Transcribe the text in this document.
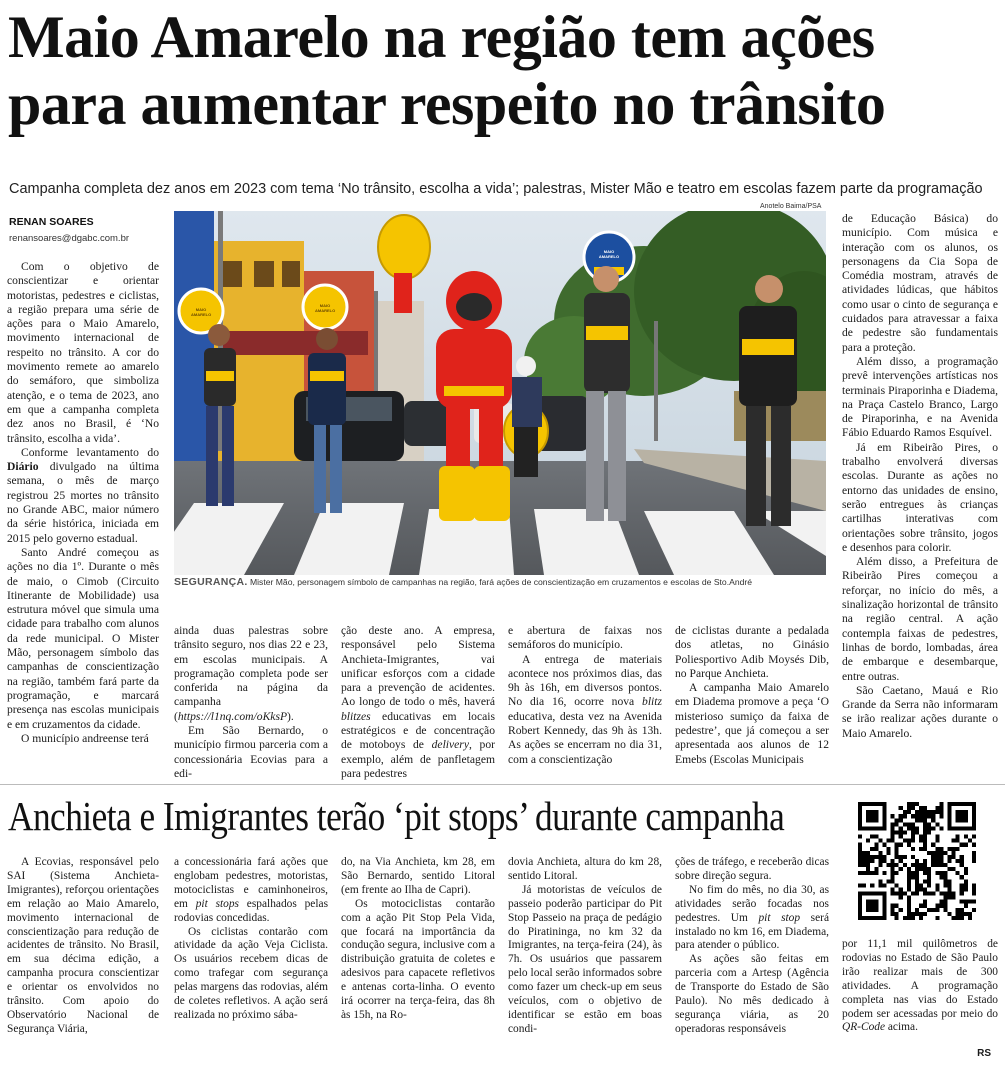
Maio Amarelo na região tem ações
para aumentar respeito no trânsito
Campanha completa dez anos em 2023 com tema ‘No trânsito, escolha a vida’; palestras, Mister Mão e teatro em escolas fazem parte da programação
RENAN SOARES
renansoares@dgabc.com.br

Com o objetivo de conscientizar e orientar motoristas, pedestres e ciclistas, a região prepara uma série de ações para o Maio Amarelo, movimento internacional de respeito no trânsito. A cor do movimento remete ao amarelo do semáforo, que simboliza atenção, e o tema de 2023, ano em que a campanha completa dez anos no Brasil, é ‘No trânsito, escolha a vida’.

Conforme levantamento do Diário divulgado na última semana, o mês de março registrou 25 mortes no trânsito no Grande ABC, maior número da série histórica, iniciada em 2015 pelo governo estadual.

Santo André começou as ações no dia 1º. Durante o mês de maio, o Cimob (Circuito Itinerante de Mobilidade) usa estrutura móvel que simula uma cidade para trabalho com alunos da rede municipal. O Mister Mão, personagem símbolo das campanhas de conscientização na região, também fará parte da programação, e marcará presença nas escolas municipais e em cruzamentos da cidade.

O município andreense terá

Anotelo Baima/PSA
MAIO AMARELO
MAIO AMARELO
MAIO AMARELO
SEGURANÇA. Mister Mão, personagem símbolo de campanhas na região, fará ações de conscientização em cruzamentos e escolas de Sto.André

ainda duas palestras sobre trânsito seguro, nos dias 22 e 23, em escolas municipais. A programação completa pode ser conferida na página da campanha (https://l1nq.com/oKksP).

Em São Bernardo, o município firmou parceria com a concessionária Ecovias para a edi-

ção deste ano. A empresa, responsável pelo Sistema Anchieta-Imigrantes, vai unificar esforços com a cidade para a prevenção de acidentes. Ao longo de todo o mês, haverá blitzes educativas em locais estratégicos e de concentração de motoboys de delivery, por exemplo, além de panfletagem para pedestres

e abertura de faixas nos semáforos do município.

A entrega de materiais acontece nos próximos dias, das 9h às 16h, em diversos pontos. No dia 16, ocorre nova blitz educativa, desta vez na Avenida Robert Kennedy, das 9h às 13h. As ações se encerram no dia 31, com a conscientização

de ciclistas durante a pedalada dos atletas, no Ginásio Poliesportivo Adib Moysés Dib, no Parque Anchieta.

A campanha Maio Amarelo em Diadema promove a peça ‘O misterioso sumiço da faixa de pedestre’, que já começou a ser apresentada aos alunos de 12 Emebs (Escolas Municipais

de Educação Básica) do município. Com música e interação com os alunos, os personagens da Cia Sopa de Comédia mostram, através de atividades lúdicas, que hábitos como usar o cinto de segurança e cuidados para atravessar a faixa de pedestre são fundamentais para a proteção.

Além disso, a programação prevê intervenções artísticas nos terminais Piraporinha e Diadema, na Praça Castelo Branco, Largo de Piraporinha, e na Avenida Fábio Eduardo Ramos Esquível.

Já em Ribeirão Pires, o trabalho envolverá diversas escolas. Durante as ações no entorno das unidades de ensino, serão entregues às crianças cartilhas interativas com orientações sobre trânsito, jogos e desenhos para colorir.

Além disso, a Prefeitura de Ribeirão Pires começou a reforçar, no início do mês, a sinalização horizontal de trânsito na região central. A ação contempla faixas de pedestres, linhas de bordo, lombadas, área de embarque e desembarque, entre outras.

São Caetano, Mauá e Rio Grande da Serra não informaram se irão realizar ações durante o Maio Amarelo.

Anchieta e Imigrantes terão ‘pit stops’ durante campanha

A Ecovias, responsável pelo SAI (Sistema Anchieta-Imigrantes), reforçou orientações em relação ao Maio Amarelo, movimento internacional de conscientização para redução de acidentes de trânsito. No Brasil, em sua décima edição, a campanha procura conscientizar e orientar os envolvidos no trânsito. Com apoio do Observatório Nacional de Segurança Viária,

a concessionária fará ações que englobam pedestres, motoristas, motociclistas e caminhoneiros, em pit stops espalhados pelas rodovias concedidas.

Os ciclistas contarão com atividade da ação Veja Ciclista. Os usuários recebem dicas de como trafegar com segurança pelas margens das rodovias, além de coletes refletivos. A ação será realizada no próximo sába-

do, na Via Anchieta, km 28, em São Bernardo, sentido Litoral (em frente ao Ilha de Capri).

Os motociclistas contarão com a ação Pit Stop Pela Vida, que focará na importância da condução segura, inclusive com a distribuição gratuita de coletes e adesivos para capacete refletivos e antenas corta-linha. O evento irá ocorrer na terça-feira, das 8h às 15h, na Ro-

dovia Anchieta, altura do km 28, sentido Litoral.

Já motoristas de veículos de passeio poderão participar do Pit Stop Passeio na praça de pedágio do Piratininga, no km 32 da Imigrantes, na terça-feira (24), às 7h. Os usuários que passarem pelo local serão informados sobre como fazer um check-up em seus veículos, com o objetivo de identificar se estão em boas condi-

ções de tráfego, e receberão dicas sobre direção segura.

No fim do mês, no dia 30, as atividades serão focadas nos pedestres. Um pit stop será instalado no km 16, em Diadema, para atender o público.

As ações são feitas em parceria com a Artesp (Agência de Transporte do Estado de São Paulo). No mês dedicado à segurança viária, as 20 operadoras responsáveis

por 11,1 mil quilômetros de rodovias no Estado de São Paulo irão realizar mais de 300 atividades. A programação completa nas vias do Estado podem ser acessadas por meio do QR-Code acima.

RS
